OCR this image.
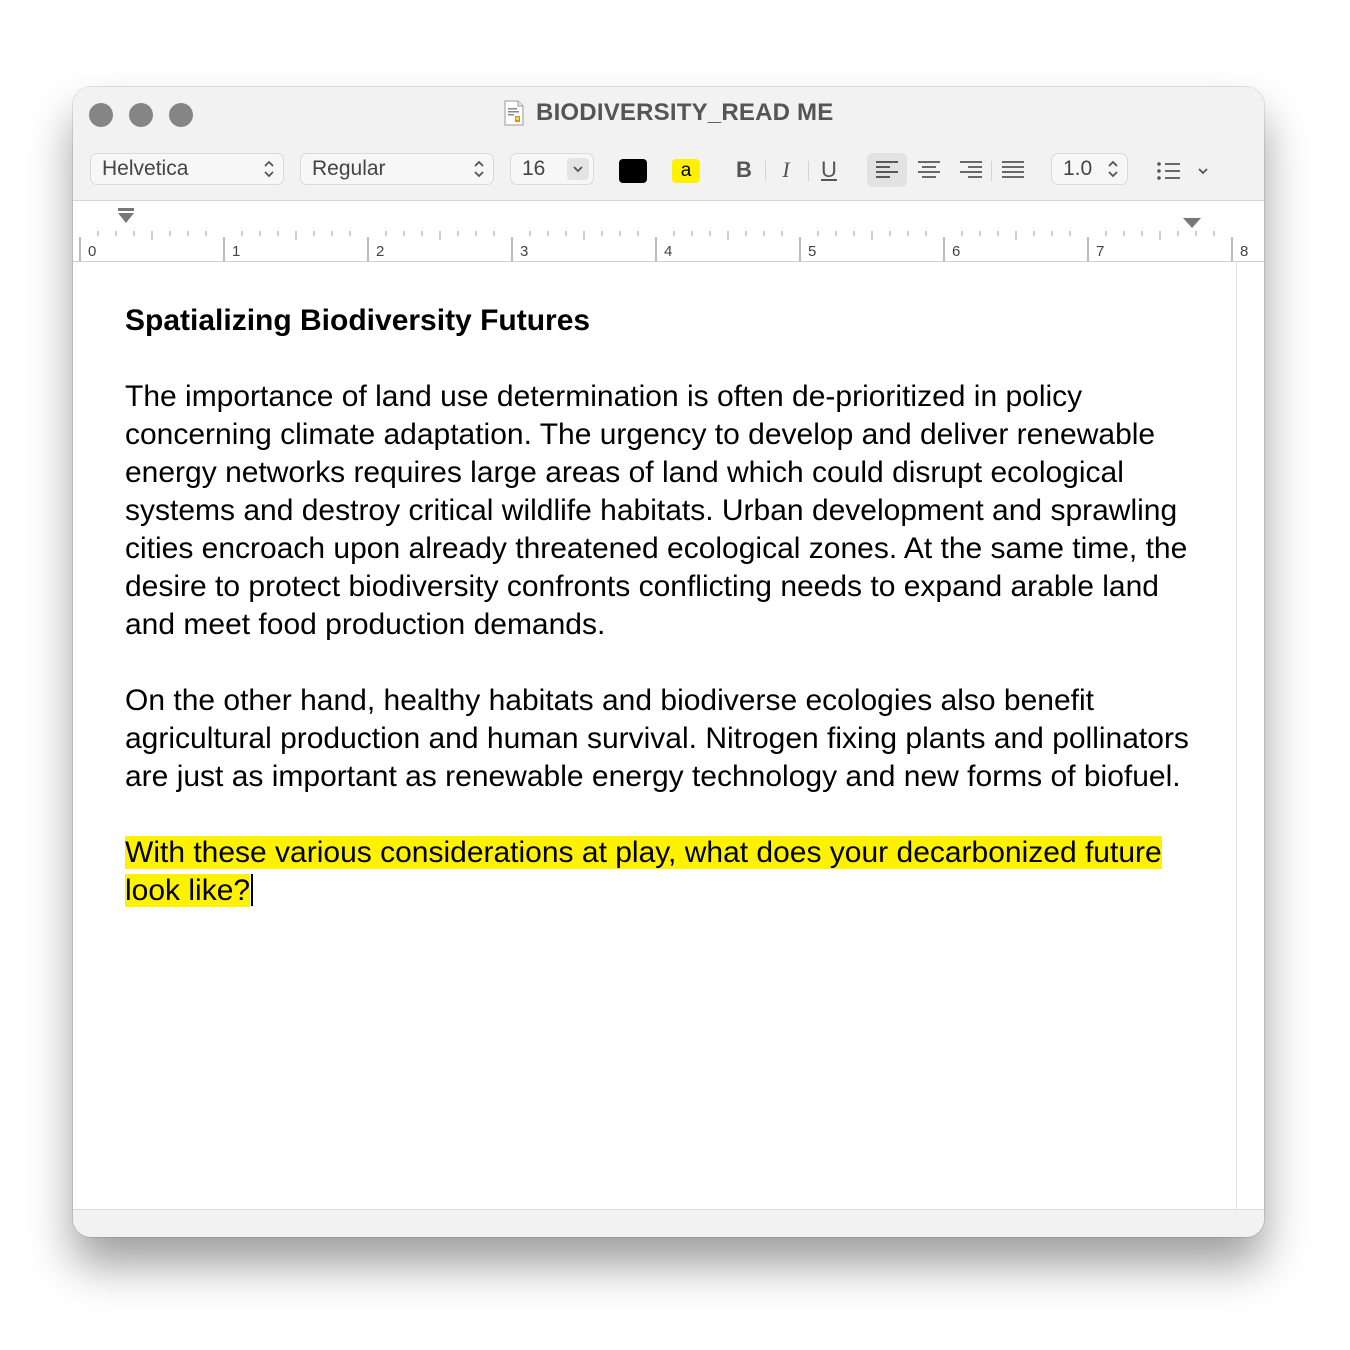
BIODIVERSITY_READ ME
Helvetica	Regular	16	a	B	I	U	1.0
0	1	2	3	4	5	6	7	8
Spatializing Biodiversity Futures
The importance of land use determination is often de-prioritized in policy concerning climate adaptation. The urgency to develop and deliver renewable energy networks requires large areas of land which could disrupt ecological systems and destroy critical wildlife habitats. Urban development and sprawling cities encroach upon already threatened ecological zones. At the same time, the desire to protect biodiversity confronts conflicting needs to expand arable land and meet food production demands.
On the other hand, healthy habitats and biodiverse ecologies also benefit agricultural production and human survival. Nitrogen fixing plants and pollinators are just as important as renewable energy technology and new forms of biofuel.
With these various considerations at play, what does your decarbonized future look like?
